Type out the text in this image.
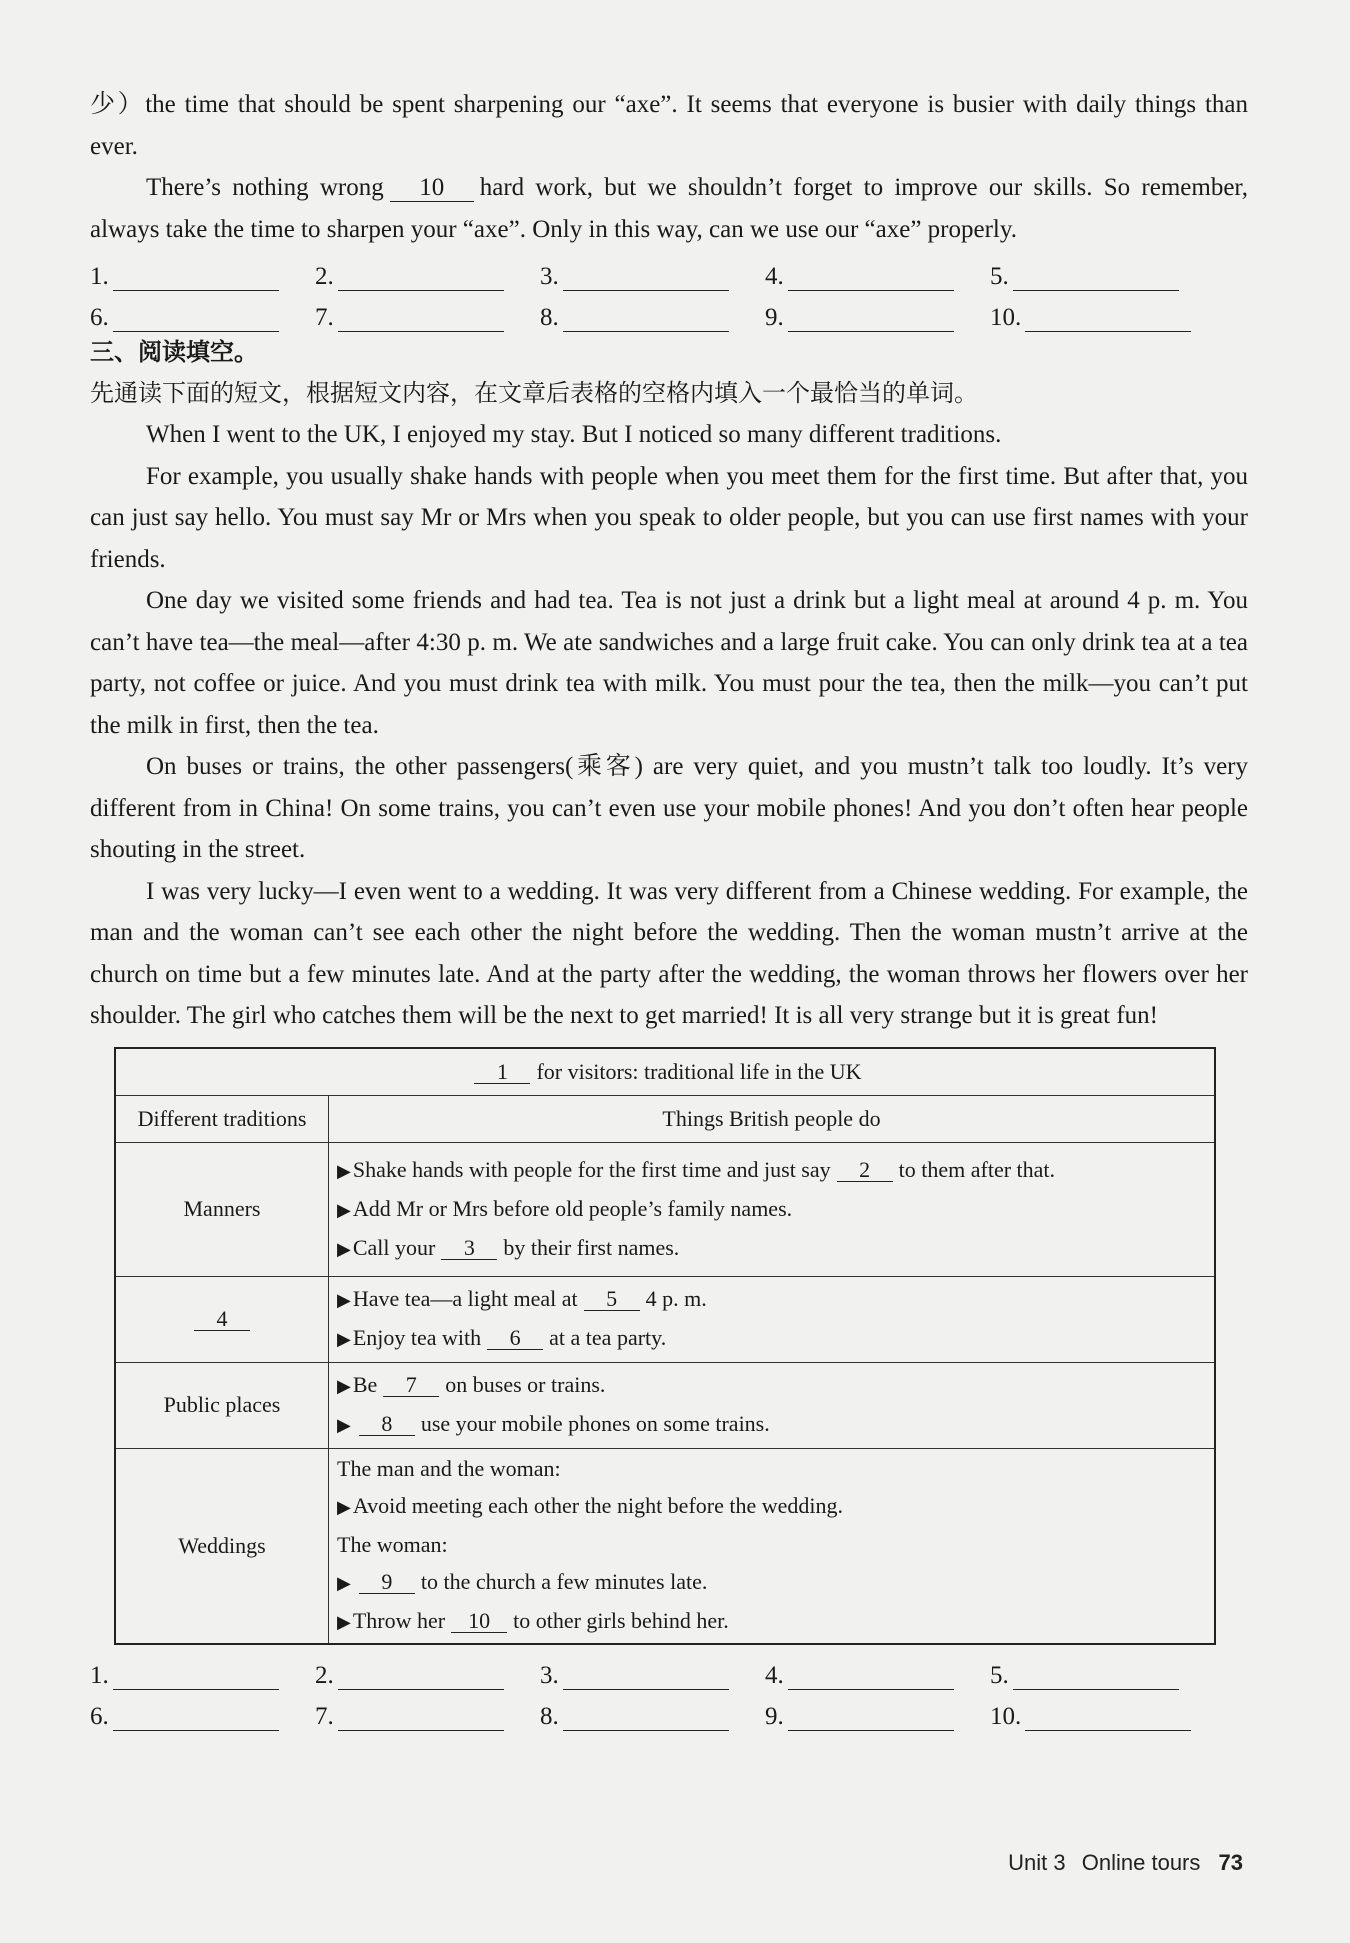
少）the time that should be spent sharpening our “axe”. It seems that everyone is busier with daily things than ever.

There’s nothing wrong 10 hard work, but we shouldn’t forget to improve our skills. So remember, always take the time to sharpen your “axe”. Only in this way, can we use our “axe” properly.

1.	2.	3.	4.	5.
6.	7.	8.	9.	10.

三、阅读填空。

先通读下面的短文，根据短文内容，在文章后表格的空格内填入一个最恰当的单词。

When I went to the UK, I enjoyed my stay. But I noticed so many different traditions.

For example, you usually shake hands with people when you meet them for the first time. But after that, you can just say hello. You must say Mr or Mrs when you speak to older people, but you can use first names with your friends.

One day we visited some friends and had tea. Tea is not just a drink but a light meal at around 4 p. m. You can’t have tea—the meal—after 4:30 p. m. We ate sandwiches and a large fruit cake. You can only drink tea at a tea party, not coffee or juice. And you must drink tea with milk. You must pour the tea, then the milk—you can’t put the milk in first, then the tea.

On buses or trains, the other passengers(乘客) are very quiet, and you mustn’t talk too loudly. It’s very different from in China! On some trains, you can’t even use your mobile phones! And you don’t often hear people shouting in the street.

I was very lucky—I even went to a wedding. It was very different from a Chinese wedding. For example, the man and the woman can’t see each other the night before the wedding. Then the woman mustn’t arrive at the church on time but a few minutes late. And at the party after the wedding, the woman throws her flowers over her shoulder. The girl who catches them will be the next to get married! It is all very strange but it is great fun!

1 for visitors: traditional life in the UK	
Different traditions	Things British people do
Manners	▶Shake hands with people for the first time and just say 2 to them after that.
▶Add Mr or Mrs before old people’s family names.
▶Call your 3 by their first names.

4	▶Have tea—a light meal at 5 4 p. m.
▶Enjoy tea with 6 at a tea party.

Public places	▶Be 7 on buses or trains.
▶ 8 use your mobile phones on some trains.

Weddings	The man and the woman:
▶Avoid meeting each other the night before the wedding.
The woman:
▶ 9 to the church a few minutes late.
▶Throw her 10 to other girls behind her.
1.	2.	3.	4.	5.
6.	7.	8.	9.	10.
Unit 3 Online tours 73
